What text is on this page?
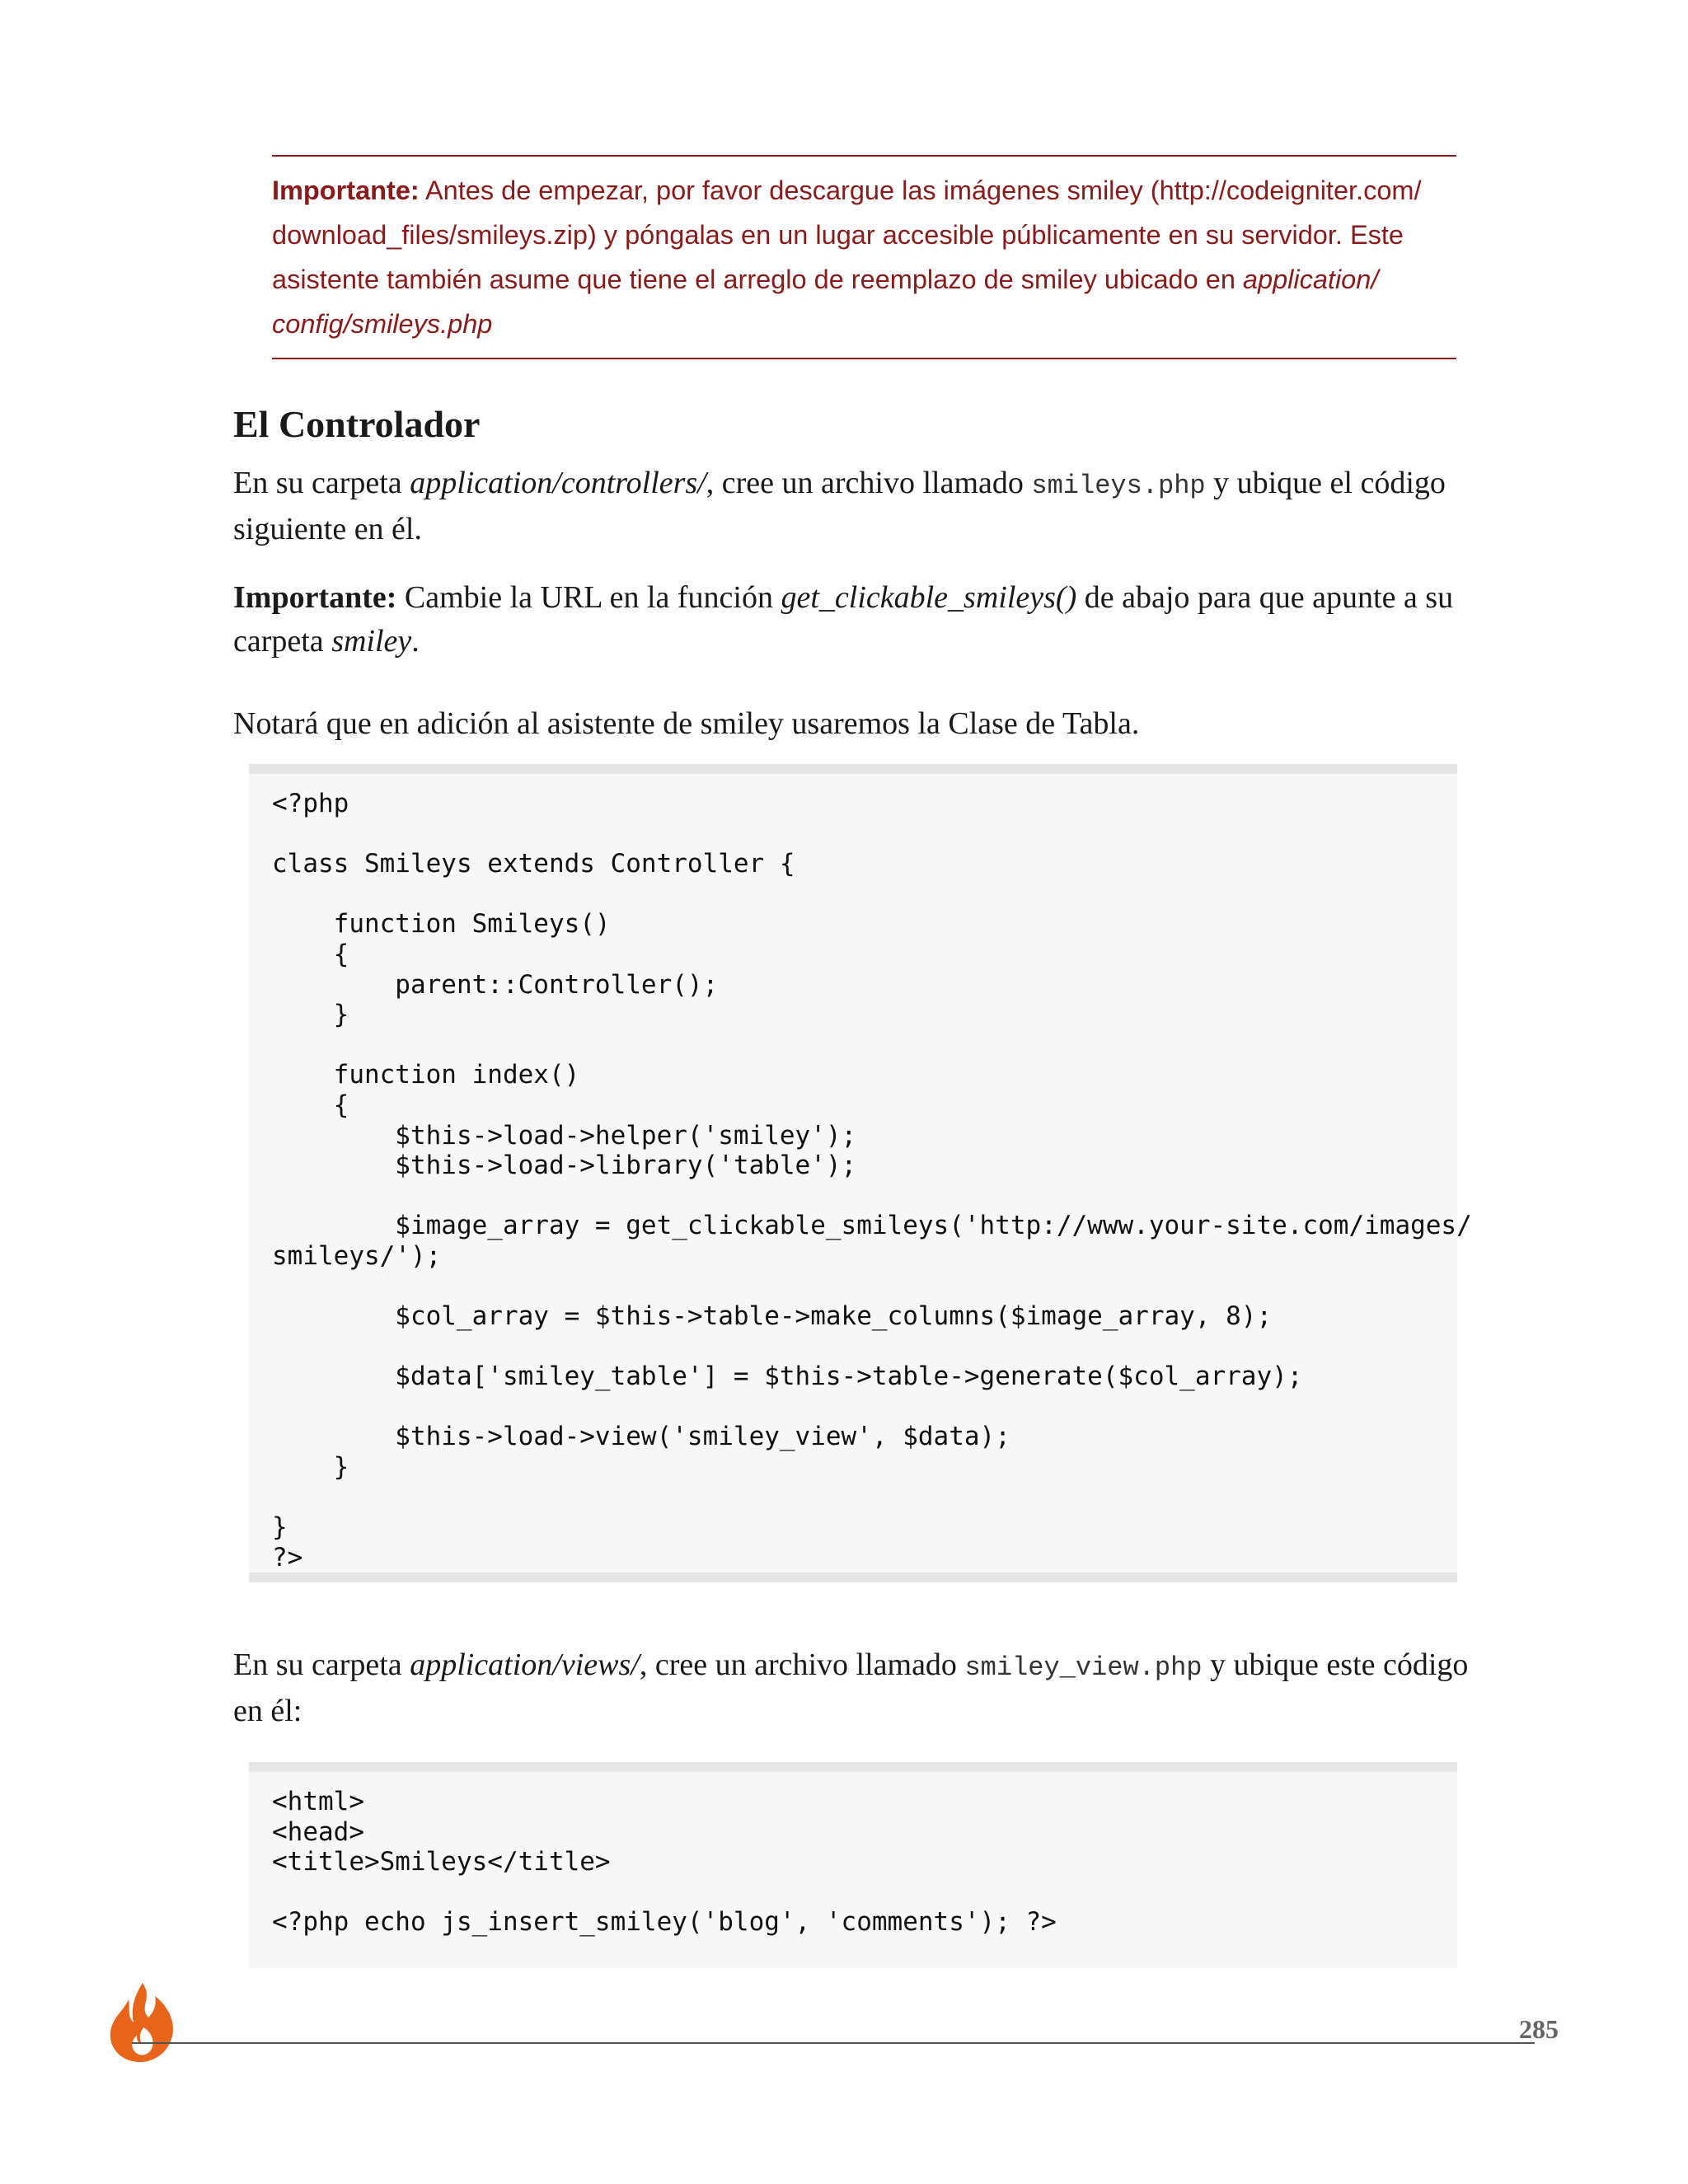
Importante: Antes de empezar, por favor descargue las imágenes smiley (http://codeigniter.com/
download_files/smileys.zip) y póngalas en un lugar accesible públicamente en su servidor. Este
asistente también asume que tiene el arreglo de reemplazo de smiley ubicado en application/
config/smileys.php
El Controlador
En su carpeta application/controllers/, cree un archivo llamado smileys.php y ubique el código siguiente en él.
Importante: Cambie la URL en la función get_clickable_smileys() de abajo para que apunte a su carpeta smiley.
Notará que en adición al asistente de smiley usaremos la Clase de Tabla.
<?php

class Smileys extends Controller {

function Smileys()
{
parent::Controller();
}

function index()
{
$this->load->helper('smiley');
$this->load->library('table');

$image_array = get_clickable_smileys('http://www.your-site.com/images/
smileys/');

$col_array = $this->table->make_columns($image_array, 8);

$data['smiley_table'] = $this->table->generate($col_array);

$this->load->view('smiley_view', $data);
}

}
?>
En su carpeta application/views/, cree un archivo llamado smiley_view.php y ubique este código en él:
<html>
<head>
<title>Smileys</title>

<?php echo js_insert_smiley('blog', 'comments'); ?>
285
